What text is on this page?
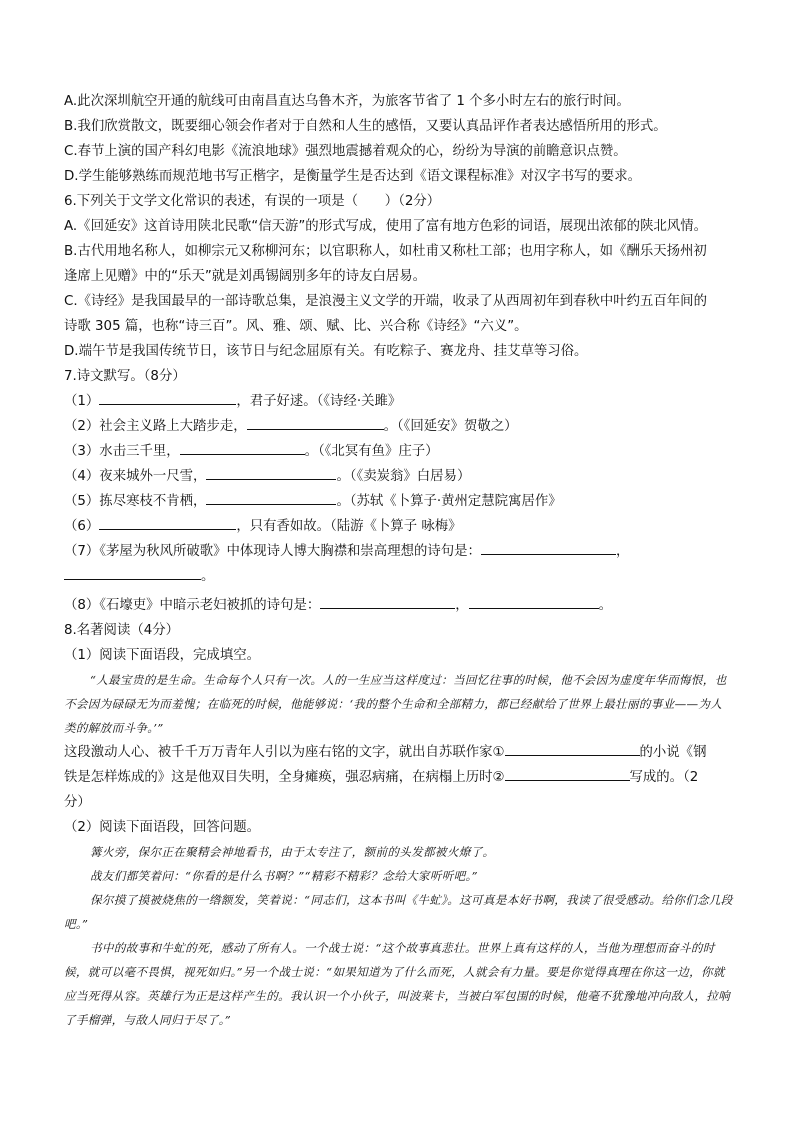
A.此次深圳航空开通的航线可由南昌直达乌鲁木齐，为旅客节省了 1 个多小时左右的旅行时间。

B.我们欣赏散文，既要细心领会作者对于自然和人生的感悟，又要认真品评作者表达感悟所用的形式。

C.春节上演的国产科幻电影《流浪地球》强烈地震撼着观众的心，纷纷为导演的前瞻意识点赞。

D.学生能够熟练而规范地书写正楷字，是衡量学生是否达到《语文课程标准》对汉字书写的要求。

6.下列关于文学文化常识的表述，有误的一项是（　　）（2分）

A.《回延安》这首诗用陕北民歌“信天游”的形式写成，使用了富有地方色彩的词语，展现出浓郁的陕北风情。

B.古代用地名称人，如柳宗元又称柳河东；以官职称人，如杜甫又称杜工部；也用字称人，如《酬乐天扬州初

逢席上见赠》中的“乐天”就是刘禹锡阔别多年的诗友白居易。

C.《诗经》是我国最早的一部诗歌总集，是浪漫主义文学的开端，收录了从西周初年到春秋中叶约五百年间的

诗歌 305 篇，也称“诗三百”。风、雅、颂、赋、比、兴合称《诗经》“六义”。

D.端午节是我国传统节日，该节日与纪念屈原有关。有吃粽子、赛龙舟、挂艾草等习俗。

7.诗文默写。（8分）

（1）	，君子好逑。（《诗经·关雎》

（2）社会主义路上大踏步走，	。（《回延安》贺敬之）

（3）水击三千里，	。（《北冥有鱼》庄子）

（4）夜来城外一尺雪，	。（《卖炭翁》白居易）

（5）拣尽寒枝不肯栖，	。（苏轼《卜算子·黄州定慧院寓居作》

（6）	，只有香如故。（陆游《卜算子 咏梅》

（7）《茅屋为秋风所破歌》中体现诗人博大胸襟和崇高理想的诗句是：	，

。

（8）《石壕吏》中暗示老妇被抓的诗句是：	，	。

8.名著阅读（4分）

（1）阅读下面语段，完成填空。

“人最宝贵的是生命。生命每个人只有一次。人的一生应当这样度过：当回忆往事的时候，他不会因为虚度年华而悔恨，也不会因为碌碌无为而羞愧；在临死的时候，他能够说：‘我的整个生命和全部精力，都已经献给了世界上最壮丽的事业——为人类的解放而斗争。’”

这段激动人心、被千千万万青年人引以为座右铭的文字，就出自苏联作家①	的小说《钢

铁是怎样炼成的》这是他双目失明，全身瘫痪，强忍病痛，在病榻上历时②	写成的。（2

分）

（2）阅读下面语段，回答问题。

篝火旁，保尔正在聚精会神地看书，由于太专注了，额前的头发都被火燎了。

战友们都笑着问：“你看的是什么书啊？”“精彩不精彩？念给大家听听吧。”

保尔摸了摸被烧焦的一绺额发，笑着说：“同志们，这本书叫《牛虻》。这可真是本好书啊，我读了很受感动。给你们念几段吧。”

书中的故事和牛虻的死，感动了所有人。一个战士说：“这个故事真悲壮。世界上真有这样的人，当他为理想而奋斗的时候，就可以毫不畏惧，视死如归。”另一个战士说：“如果知道为了什么而死，人就会有力量。要是你觉得真理在你这一边，你就应当死得从容。英雄行为正是这样产生的。我认识一个小伙子，叫波莱卡，当被白军包围的时候，他毫不犹豫地冲向敌人，拉响了手榴弹，与敌人同归于尽了。”
